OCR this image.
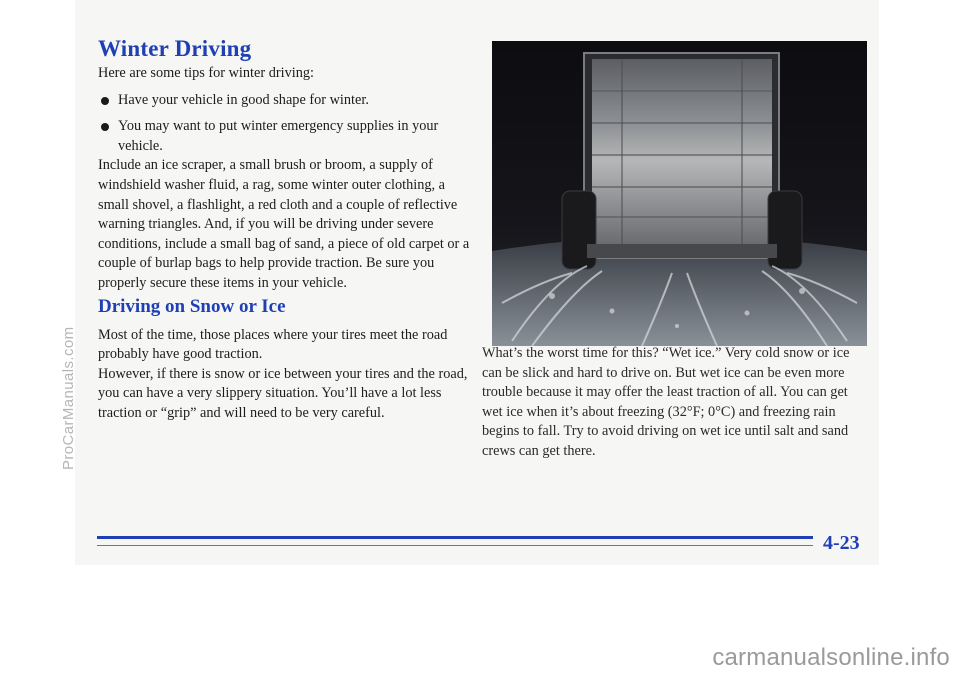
Winter Driving

Here are some tips for winter driving:

Have your vehicle in good shape for winter.
You may want to put winter emergency supplies in your vehicle.

Include an ice scraper, a small brush or broom, a supply of windshield washer fluid, a rag, some winter outer clothing, a small shovel, a flashlight, a red cloth and a couple of reflective warning triangles. And, if you will be driving under severe conditions, include a small bag of sand, a piece of old carpet or a couple of burlap bags to help provide traction. Be sure you properly secure these items in your vehicle.

Driving on Snow or Ice

Most of the time, those places where your tires meet the road probably have good traction.

However, if there is snow or ice between your tires and the road, you can have a very slippery situation. You’ll have a lot less traction or “grip” and will need to be very careful.

What’s the worst time for this? “Wet ice.” Very cold snow or ice can be slick and hard to drive on. But wet ice can be even more trouble because it may offer the least traction of all. You can get wet ice when it’s about freezing (32°F; 0°C) and freezing rain begins to fall. Try to avoid driving on wet ice until salt and sand crews can get there.

4-23
ProCarManuals.com
carmanualsonline.info
